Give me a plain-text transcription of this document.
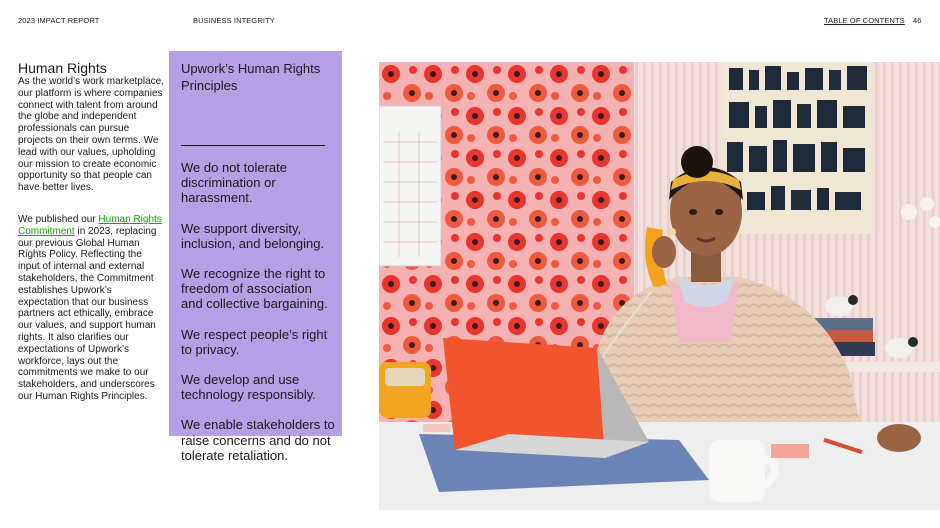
2023 IMPACT REPORT	BUSINESS INTEGRITY	TABLE OF CONTENTS 46
Human Rights

As the world’s work marketplace, our platform is where companies connect with talent from around the globe and independent professionals can pursue projects on their own terms. We lead with our values, upholding our mission to create economic opportunity so that people can have better lives.

We published our Human Rights Commitment in 2023, replacing our previous Global Human Rights Policy. Reflecting the input of internal and external stakeholders, the Commitment establishes Upwork’s expectation that our business partners act ethically, embrace our values, and support human rights. It also clarifies our expectations of Upwork’s workforce, lays out the commitments we make to our stakeholders, and underscores our Human Rights Principles.

Upwork’s Human Rights Principles
We do not tolerate discrimination or harassment.
We support diversity, inclusion, and belonging.
We recognize the right to freedom of association and collective bargaining.
We respect people’s right to privacy.
We develop and use technology responsibly.
We enable stakeholders to raise concerns and do not tolerate retaliation.
